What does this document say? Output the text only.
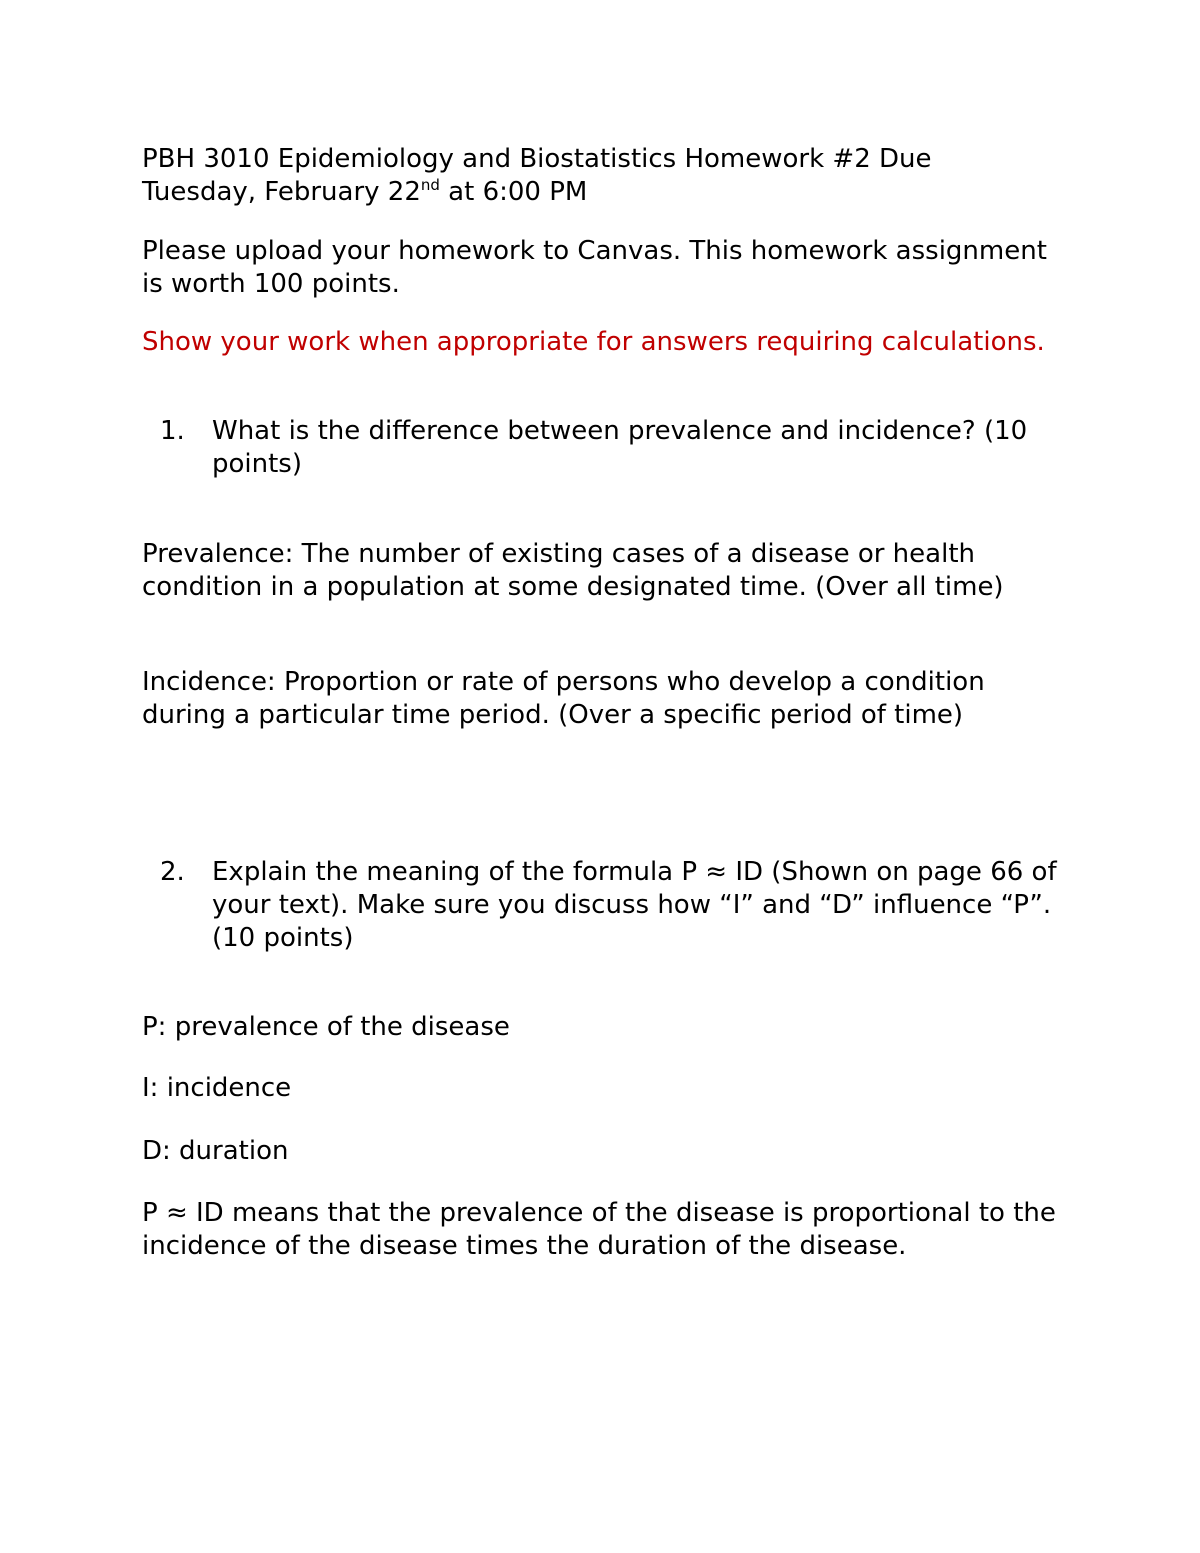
PBH 3010 Epidemiology and Biostatistics Homework #2 Due
Tuesday, February 22nd at 6:00 PM

Please upload your homework to Canvas. This homework assignment is worth 100 points.

Show your work when appropriate for answers requiring calculations.

1. What is the difference between prevalence and incidence? (10 points)

Prevalence: The number of existing cases of a disease or health condition in a population at some designated time. (Over all time)

Incidence: Proportion or rate of persons who develop a condition during a particular time period. (Over a specific period of time)

2. Explain the meaning of the formula P ≈ ID (Shown on page 66 of your text). Make sure you discuss how “I” and “D” influence “P”. (10 points)

P: prevalence of the disease

I: incidence

D: duration

P ≈ ID means that the prevalence of the disease is proportional to the incidence of the disease times the duration of the disease.
